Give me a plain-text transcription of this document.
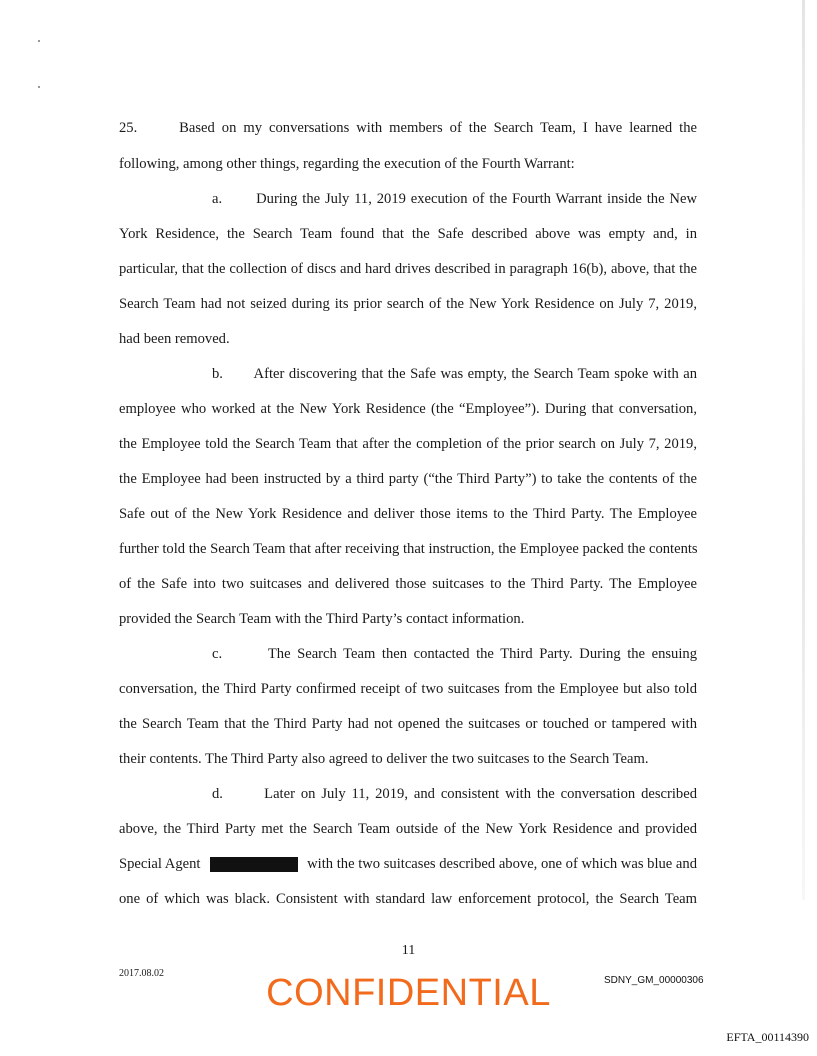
25.      Based on my conversations with members of the Search Team, I have learned the
following, among other things, regarding the execution of the Fourth Warrant:
a.       During the July 11, 2019 execution of the Fourth Warrant inside the New
York Residence, the Search Team found that the Safe described above was empty and, in
particular, that the collection of discs and hard drives described in paragraph 16(b), above, that the
Search Team had not seized during its prior search of the New York Residence on July 7, 2019,
had been removed.
b.       After discovering that the Safe was empty, the Search Team spoke with an
employee who worked at the New York Residence (the “Employee”). During that conversation,
the Employee told the Search Team that after the completion of the prior search on July 7, 2019,
the Employee had been instructed by a third party (“the Third Party”) to take the contents of the
Safe out of the New York Residence and deliver those items to the Third Party. The Employee
further told the Search Team that after receiving that instruction, the Employee packed the contents
of the Safe into two suitcases and delivered those suitcases to the Third Party. The Employee
provided the Search Team with the Third Party’s contact information.
c.       The Search Team then contacted the Third Party. During the ensuing
conversation, the Third Party confirmed receipt of two suitcases from the Employee but also told
the Search Team that the Third Party had not opened the suitcases or touched or tampered with
their contents. The Third Party also agreed to deliver the two suitcases to the Search Team.
d.       Later on July 11, 2019, and consistent with the conversation described
above, the Third Party met the Search Team outside of the New York Residence and provided
Special Agent	with the two suitcases described above, one of which was blue and
one of which was black. Consistent with standard law enforcement protocol, the Search Team
11
2017.08.02	CONFIDENTIAL	SDNY_GM_00000306
EFTA_00114390
